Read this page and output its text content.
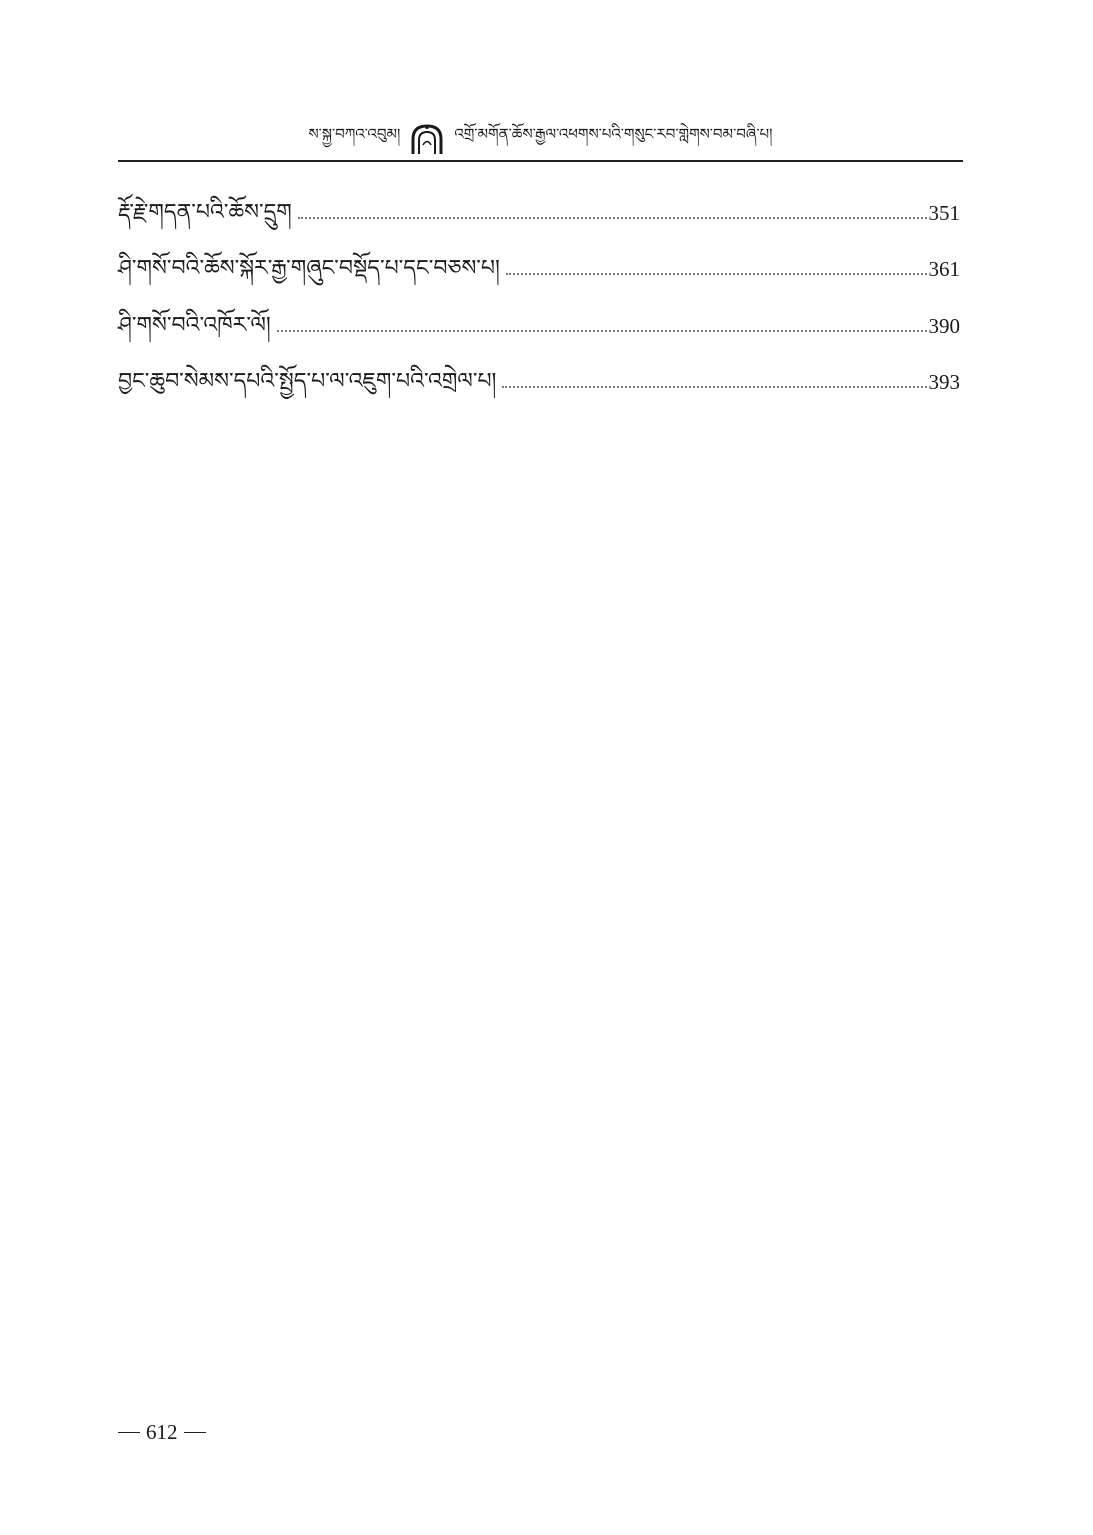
ས་སྐྱ་བཀའ་འབུམ།	འགྲོ་མགོན་ཆོས་རྒྱལ་འཕགས་པའི་གསུང་རབ་གླེགས་བམ་བཞི་པ།
རྡོ་རྗེ་གདན་པའི་ཆོས་དྲུག	351
ཤི་གསོ་བའི་ཆོས་སྐོར་རྒྱ་གཞུང་བསྡོད་པ་དང་བཅས་པ།	361
ཤི་གསོ་བའི་འཁོར་ལོ།	390
བྱང་ཆུབ་སེམས་དཔའི་སྤྱོད་པ་ལ་འཇུག་པའི་འགྲེལ་པ།	393
612
